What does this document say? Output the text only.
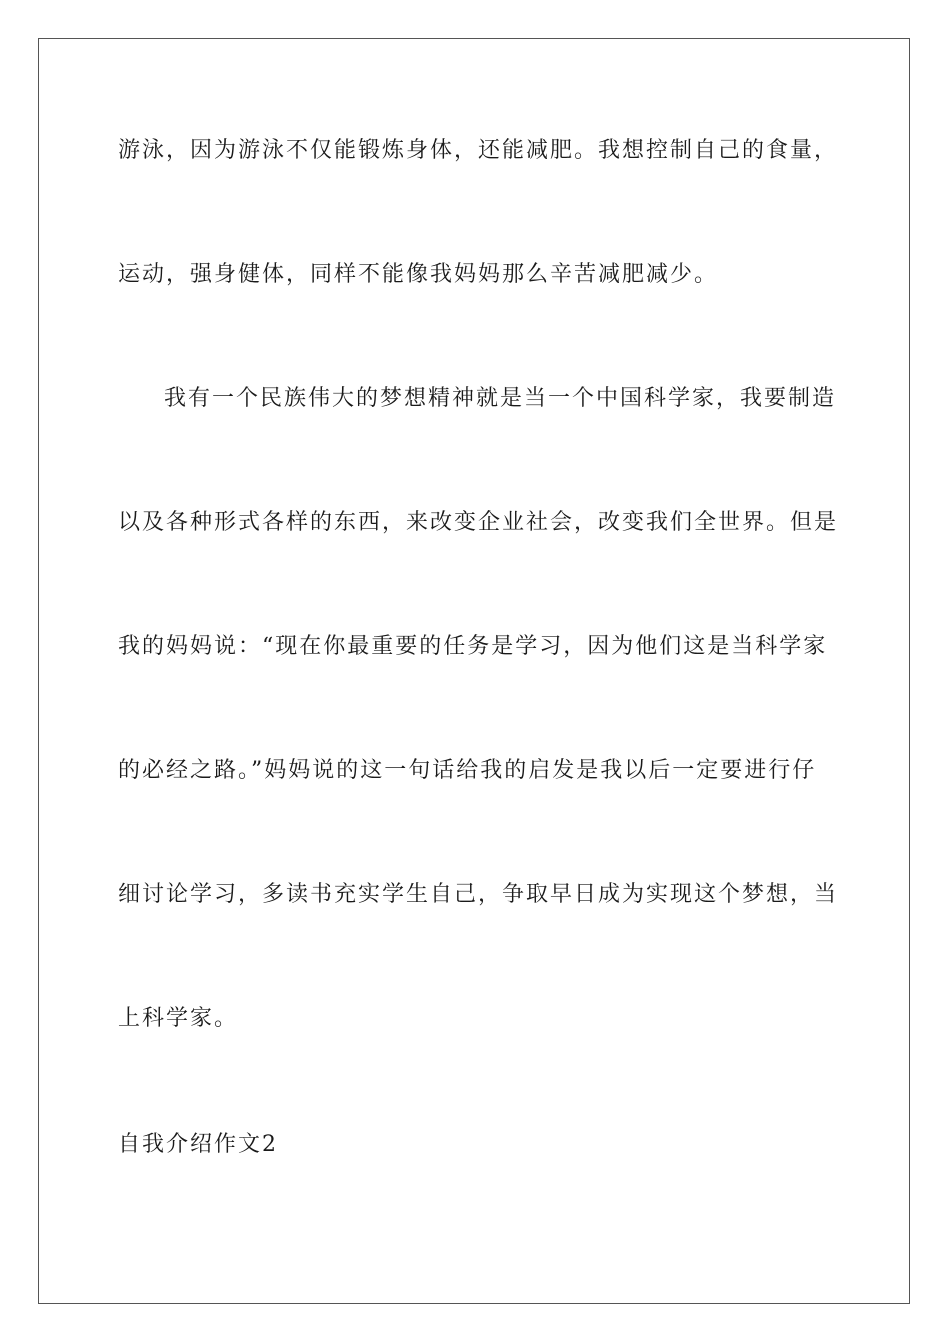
游泳，因为游泳不仅能锻炼身体，还能减肥。我想控制自己的食量，
运动，强身健体，同样不能像我妈妈那么辛苦减肥减少。
我有一个民族伟大的梦想精神就是当一个中国科学家，我要制造
以及各种形式各样的东西，来改变企业社会，改变我们全世界。但是
我的妈妈说：“现在你最重要的任务是学习，因为他们这是当科学家
的必经之路。”妈妈说的这一句话给我的启发是我以后一定要进行仔
细讨论学习，多读书充实学生自己，争取早日成为实现这个梦想，当
上科学家。
自我介绍作文2
